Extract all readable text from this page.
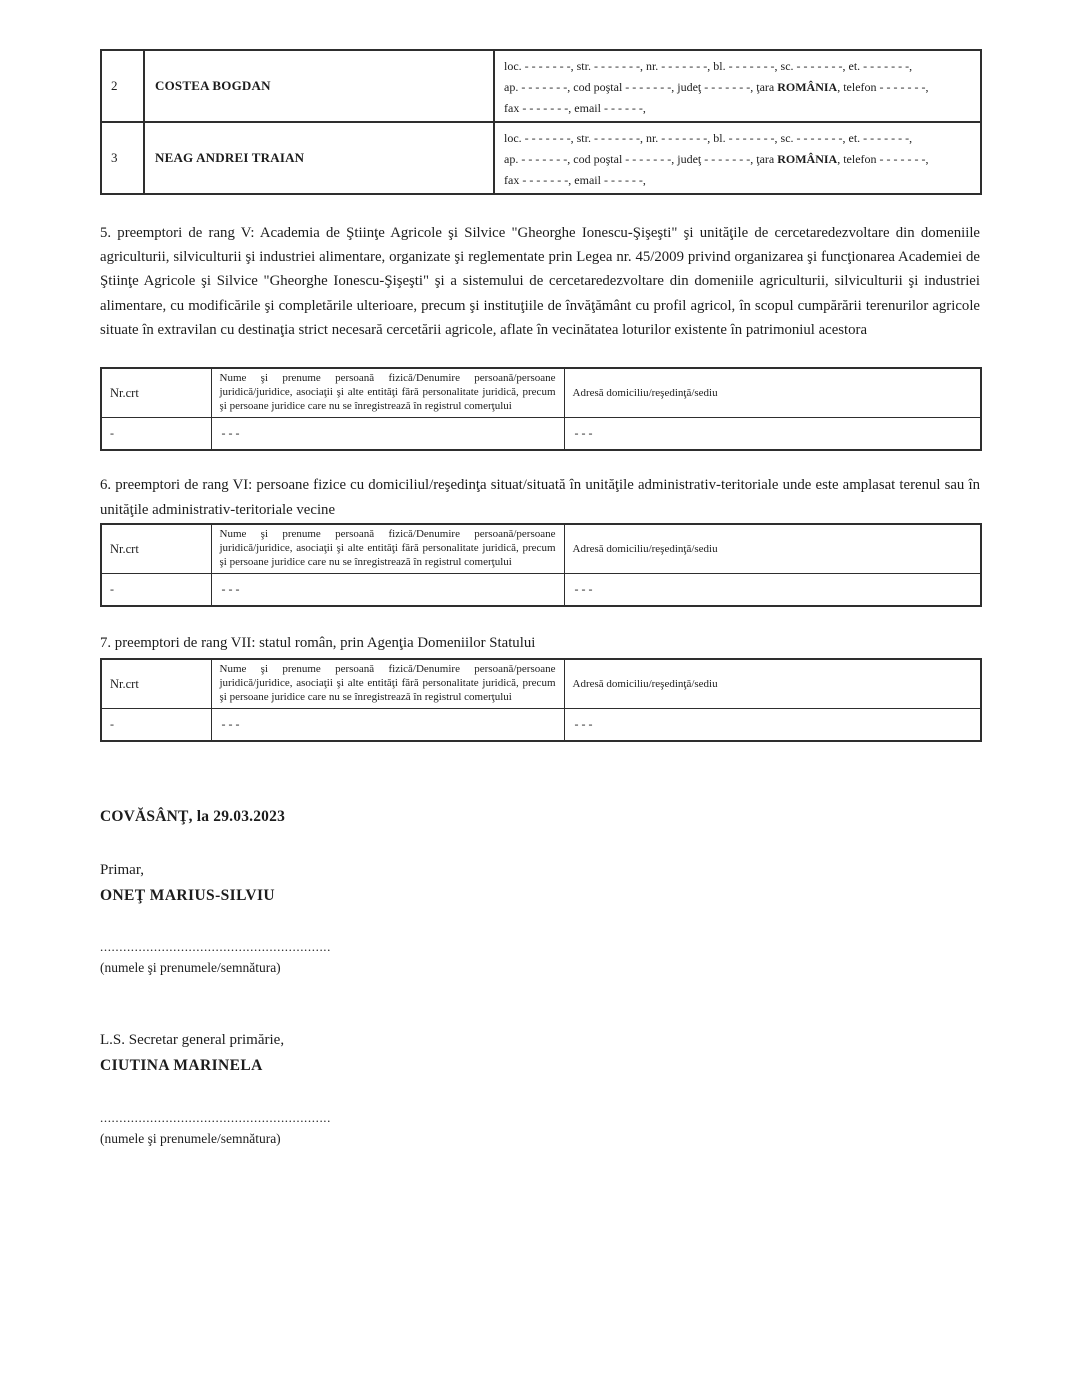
2	COSTEA BOGDAN	loc. - - - - - - -, str. - - - - - - -, nr. - - - - - - -, bl. - - - - - - -, sc. - - - - - - -, et. - - - - - - -,
ap. - - - - - - -, cod poştal - - - - - - -, judeţ - - - - - - -, ţara ROMÂNIA, telefon - - - - - - -,
fax - - - - - - -, email - - - - - -,

3	NEAG ANDREI TRAIAN	loc. - - - - - - -, str. - - - - - - -, nr. - - - - - - -, bl. - - - - - - -, sc. - - - - - - -, et. - - - - - - -,
ap. - - - - - - -, cod poştal - - - - - - -, judeţ - - - - - - -, ţara ROMÂNIA, telefon - - - - - - -,
fax - - - - - - -, email - - - - - -,

5. preemptori de rang V: Academia de Ştiinţe Agricole şi Silvice "Gheorghe Ionescu-Şişeşti" şi unităţile de cercetaredezvoltare din domeniile agriculturii, silviculturii şi industriei alimentare, organizate şi reglementate prin Legea nr. 45/2009 privind organizarea şi funcţionarea Academiei de Ştiinţe Agricole şi Silvice "Gheorghe Ionescu-Şişeşti" şi a sistemului de cercetaredezvoltare din domeniile agriculturii, silviculturii şi industriei alimentare, cu modificările şi completările ulterioare, precum şi instituţiile de învăţământ cu profil agricol, în scopul cumpărării terenurilor agricole situate în extravilan cu destinaţia strict necesară cercetării agricole, aflate în vecinătatea loturilor existente în patrimoniul acestora

Nr.crt	Nume şi prenume persoană fizică/Denumire persoană/persoane juridică/juridice, asociaţii şi alte entităţi fără personalitate juridică, precum şi persoane juridice care nu se înregistrează în registrul comerţului	Adresă domiciliu/reşedinţă/sediu
-	- - -	- - -

6. preemptori de rang VI: persoane fizice cu domiciliul/reşedinţa situat/situată în unităţile administrativ-teritoriale unde este amplasat terenul sau în unităţile administrativ-teritoriale vecine

Nr.crt	Nume şi prenume persoană fizică/Denumire persoană/persoane juridică/juridice, asociaţii şi alte entităţi fără personalitate juridică, precum şi persoane juridice care nu se înregistrează în registrul comerţului	Adresă domiciliu/reşedinţă/sediu
-	- - -	- - -

7. preemptori de rang VII: statul român, prin Agenţia Domeniilor Statului

Nr.crt	Nume şi prenume persoană fizică/Denumire persoană/persoane juridică/juridice, asociaţii şi alte entităţi fără personalitate juridică, precum şi persoane juridice care nu se înregistrează în registrul comerţului	Adresă domiciliu/reşedinţă/sediu
-	- - -	- - -
COVĂSÂNŢ, la 29.03.2023
Primar,
ONEŢ MARIUS-SILVIU
............................................................
(numele şi prenumele/semnătura)
L.S. Secretar general primărie,
CIUTINA MARINELA
............................................................
(numele şi prenumele/semnătura)
